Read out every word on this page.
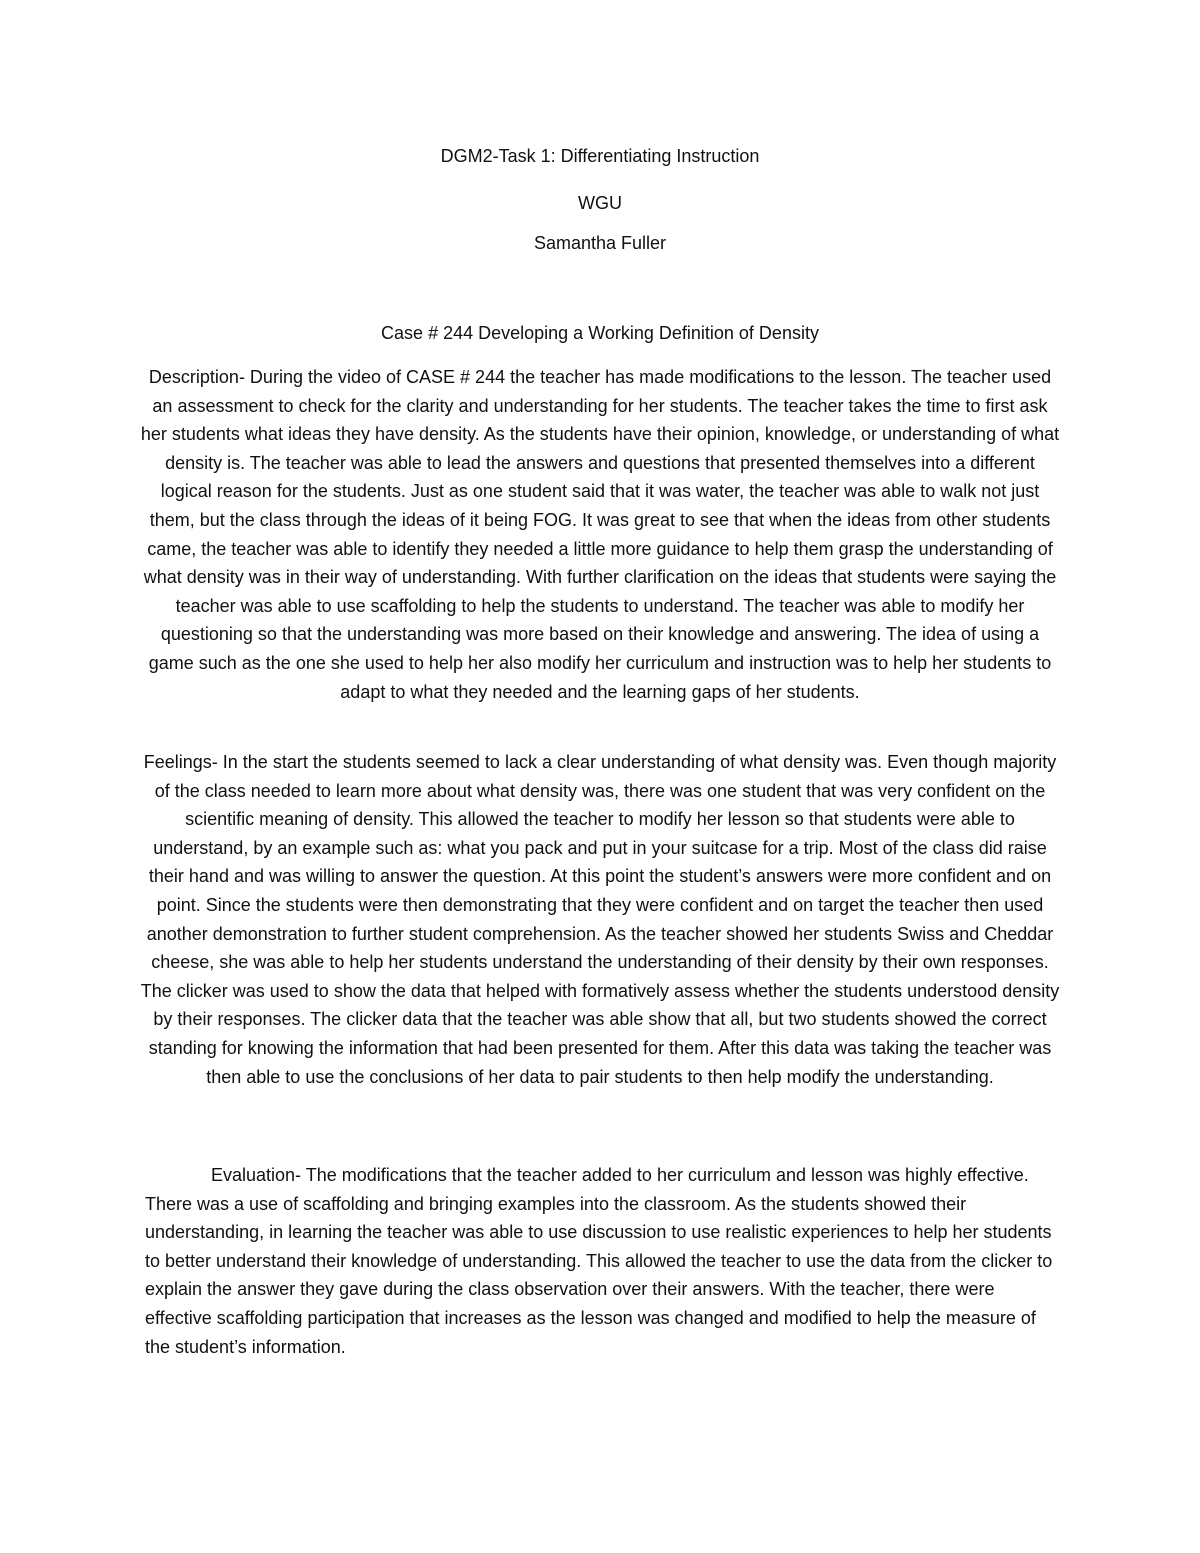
DGM2-Task 1: Differentiating Instruction

WGU

Samantha Fuller

Case # 244 Developing a Working Definition of Density

Description- During the video of CASE # 244 the teacher has made modifications to the lesson. The teacher used an assessment to check for the clarity and understanding for her students. The teacher takes the time to first ask her students what ideas they have density. As the students have their opinion, knowledge, or understanding of what density is. The teacher was able to lead the answers and questions that presented themselves into a different logical reason for the students. Just as one student said that it was water, the teacher was able to walk not just them, but the class through the ideas of it being FOG. It was great to see that when the ideas from other students came, the teacher was able to identify they needed a little more guidance to help them grasp the understanding of what density was in their way of understanding. With further clarification on the ideas that students were saying the teacher was able to use scaffolding to help the students to understand. The teacher was able to modify her questioning so that the understanding was more based on their knowledge and answering. The idea of using a game such as the one she used to help her also modify her curriculum and instruction was to help her students to adapt to what they needed and the learning gaps of her students.

Feelings- In the start the students seemed to lack a clear understanding of what density was. Even though majority of the class needed to learn more about what density was, there was one student that was very confident on the scientific meaning of density. This allowed the teacher to modify her lesson so that students were able to understand, by an example such as: what you pack and put in your suitcase for a trip. Most of the class did raise their hand and was willing to answer the question. At this point the student’s answers were more confident and on point. Since the students were then demonstrating that they were confident and on target the teacher then used another demonstration to further student comprehension. As the teacher showed her students Swiss and Cheddar cheese, she was able to help her students understand the understanding of their density by their own responses. The clicker was used to show the data that helped with formatively assess whether the students understood density by their responses. The clicker data that the teacher was able show that all, but two students showed the correct standing for knowing the information that had been presented for them. After this data was taking the teacher was then able to use the conclusions of her data to pair students to then help modify the understanding.

Evaluation- The modifications that the teacher added to her curriculum and lesson was highly effective. There was a use of scaffolding and bringing examples into the classroom. As the students showed their understanding, in learning the teacher was able to use discussion to use realistic experiences to help her students to better understand their knowledge of understanding. This allowed the teacher to use the data from the clicker to explain the answer they gave during the class observation over their answers. With the teacher, there were effective scaffolding participation that increases as the lesson was changed and modified to help the measure of the student’s information.
